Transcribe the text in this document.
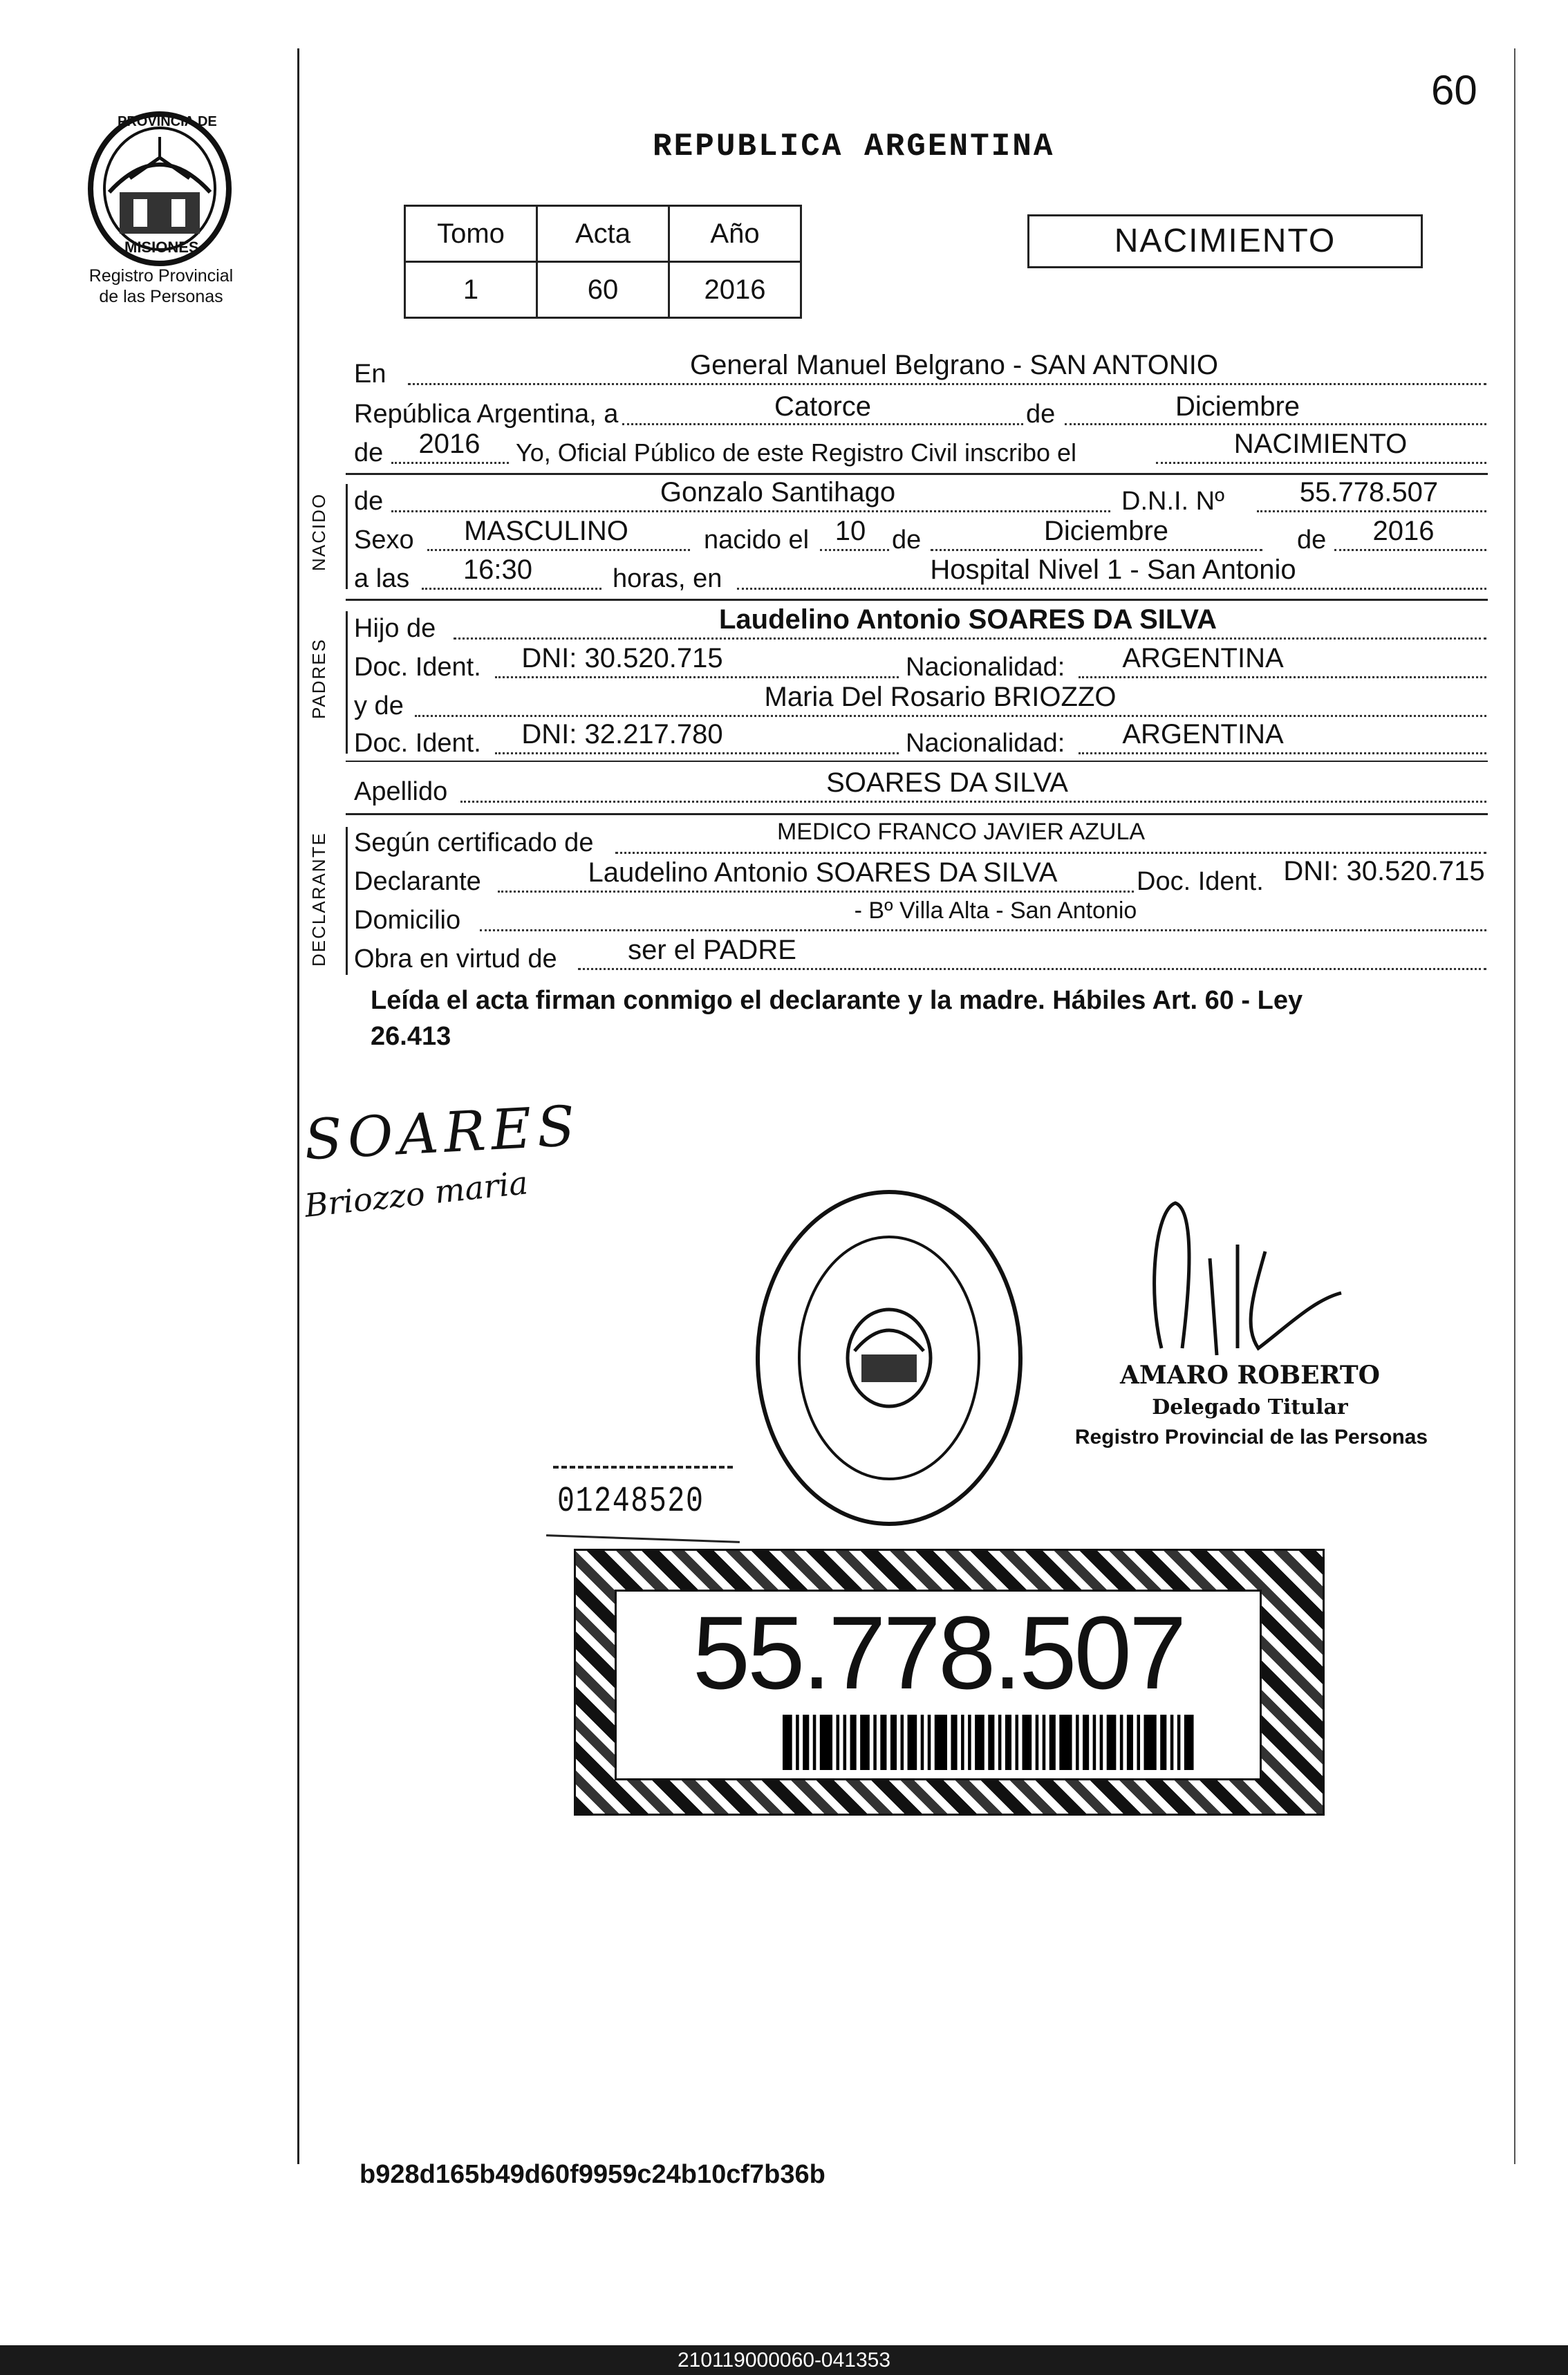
60
REPUBLICA ARGENTINA
PROVINCIA DE
MISIONES
Registro Provincial
de las Personas
Tomo	Acta	Año
1	60	2016
NACIMIENTO
En	General Manuel Belgrano - SAN ANTONIO
República Argentina, a	Catorce	de	Diciembre
de	2016	Yo, Oficial Público de este Registro Civil inscribo el	NACIMIENTO
NACIDO de	Gonzalo Santihago	D.N.I. Nº	55.778.507
Sexo	MASCULINO	nacido el 10 de	Diciembre	de	2016
a las	16:30	horas, en	Hospital Nivel 1 - San Antonio
PADRES
Hijo de	Laudelino Antonio SOARES DA SILVA
Doc. Ident.	DNI: 30.520.715	Nacionalidad:	ARGENTINA
y de	Maria Del Rosario BRIOZZO
Doc. Ident.	DNI: 32.217.780	Nacionalidad:	ARGENTINA
Apellido	SOARES DA SILVA
DECLARANTE Según certificado de	MEDICO FRANCO JAVIER AZULA
Declarante	Laudelino Antonio SOARES DA SILVA	Doc. Ident. DNI: 30.520.715
Domicilio	- Bº Villa Alta - San Antonio
Obra en virtud de	ser el PADRE
Leída el acta firman conmigo el declarante y la madre. Hábiles Art. 60 - Ley
26.413
SOARES
Briozzo maria
AMARO ROBERTO
Delegado Titular
Registro Provincial de las Personas
01248520
55.778.507
b928d165b49d60f9959c24b10cf7b36b
210119000060-041353
